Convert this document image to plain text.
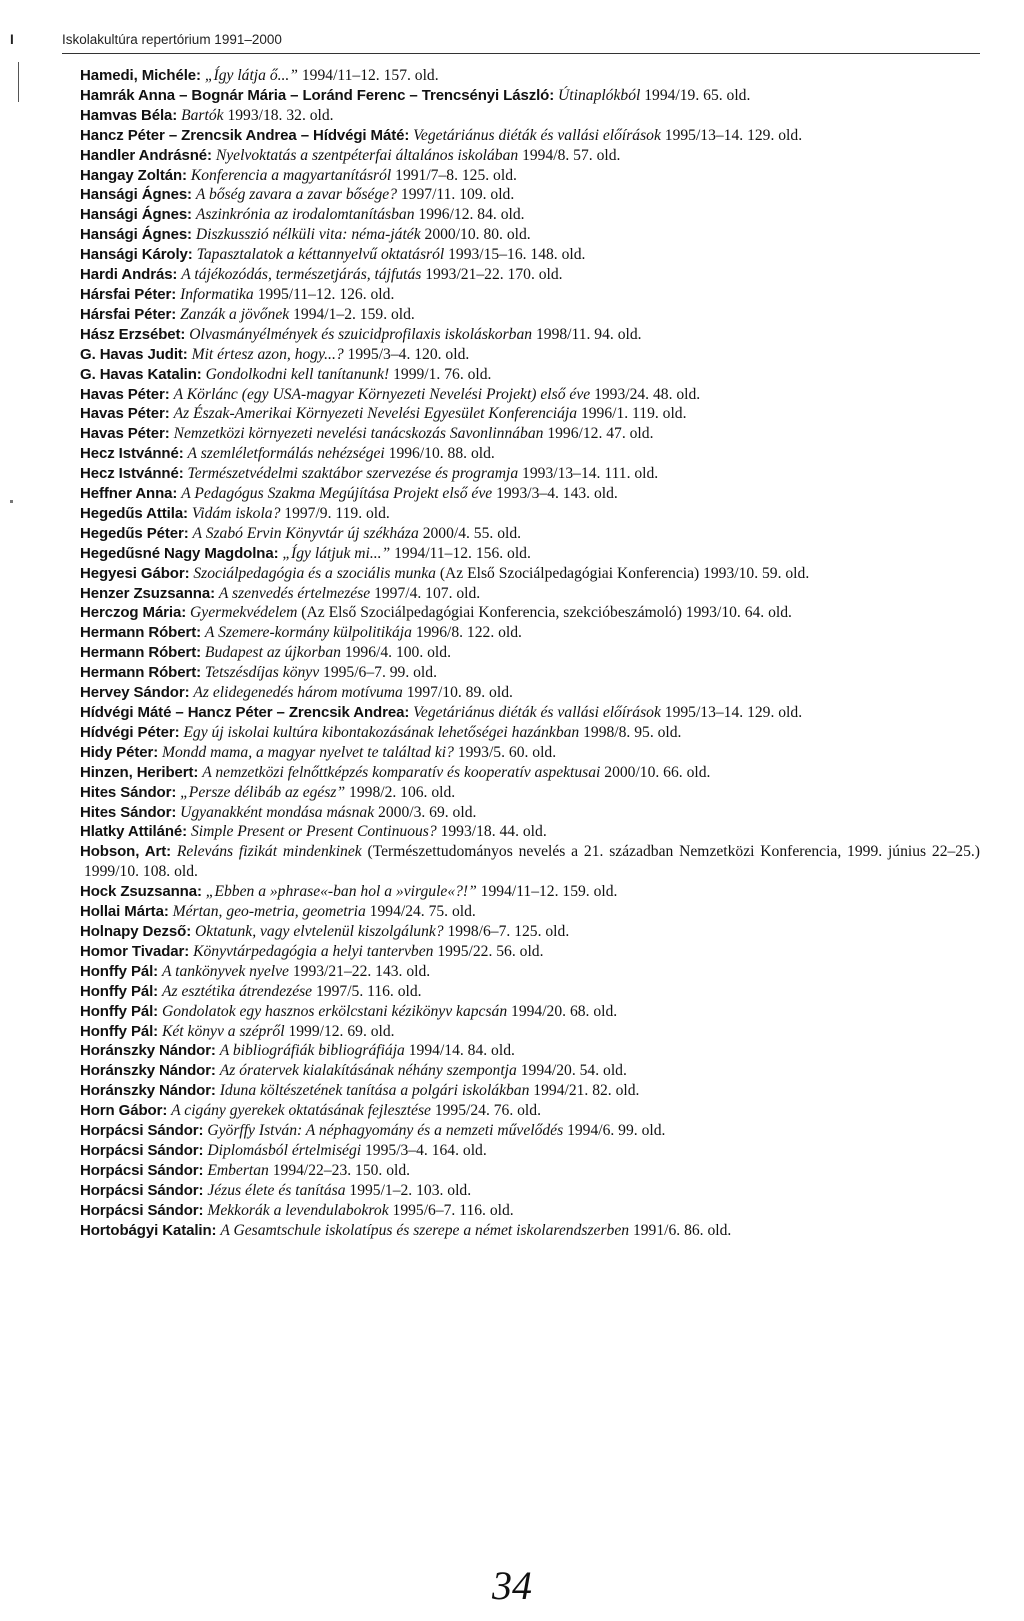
I	Iskolakultúra repertórium 1991–2000
Hamedi, Michéle: „Így látja ő...” 1994/11–12. 157. old.
Hamrák Anna – Bognár Mária – Loránd Ferenc – Trencsényi László: Útinaplókból 1994/19. 65. old.
Hamvas Béla: Bartók 1993/18. 32. old.
Hancz Péter – Zrencsik Andrea – Hídvégi Máté: Vegetáriánus diéták és vallási előírások 1995/13–14. 129. old.
Handler Andrásné: Nyelvoktatás a szentpéterfai általános iskolában 1994/8. 57. old.
Hangay Zoltán: Konferencia a magyartanításról 1991/7–8. 125. old.
Hansági Ágnes: A bőség zavara a zavar bősége? 1997/11. 109. old.
Hansági Ágnes: Aszinkrónia az irodalomtanításban 1996/12. 84. old.
Hansági Ágnes: Diszkusszió nélküli vita: néma-játék 2000/10. 80. old.
Hansági Károly: Tapasztalatok a kéttannyelvű oktatásról 1993/15–16. 148. old.
Hardi András: A tájékozódás, természetjárás, tájfutás 1993/21–22. 170. old.
Hársfai Péter: Informatika 1995/11–12. 126. old.
Hársfai Péter: Zanzák a jövőnek 1994/1–2. 159. old.
Hász Erzsébet: Olvasmányélmények és szuicidprofilaxis iskoláskorban 1998/11. 94. old.
G. Havas Judit: Mit értesz azon, hogy...? 1995/3–4. 120. old.
G. Havas Katalin: Gondolkodni kell tanítanunk! 1999/1. 76. old.
Havas Péter: A Körlánc (egy USA-magyar Környezeti Nevelési Projekt) első éve 1993/24. 48. old.
Havas Péter: Az Észak-Amerikai Környezeti Nevelési Egyesület Konferenciája 1996/1. 119. old.
Havas Péter: Nemzetközi környezeti nevelési tanácskozás Savonlinnában 1996/12. 47. old.
Hecz Istvánné: A szemléletformálás nehézségei 1996/10. 88. old.
Hecz Istvánné: Természetvédelmi szaktábor szervezése és programja 1993/13–14. 111. old.
Heffner Anna: A Pedagógus Szakma Megújítása Projekt első éve 1993/3–4. 143. old.
Hegedűs Attila: Vidám iskola? 1997/9. 119. old.
Hegedűs Péter: A Szabó Ervin Könyvtár új székháza 2000/4. 55. old.
Hegedűsné Nagy Magdolna: „Így látjuk mi...” 1994/11–12. 156. old.
Hegyesi Gábor: Szociálpedagógia és a szociális munka (Az Első Szociálpedagógiai Konferencia) 1993/10. 59. old.
Henzer Zsuzsanna: A szenvedés értelmezése 1997/4. 107. old.
Herczog Mária: Gyermekvédelem (Az Első Szociálpedagógiai Konferencia, szekcióbeszámoló) 1993/10. 64. old.
Hermann Róbert: A Szemere-kormány külpolitikája 1996/8. 122. old.
Hermann Róbert: Budapest az újkorban 1996/4. 100. old.
Hermann Róbert: Tetszésdíjas könyv 1995/6–7. 99. old.
Hervey Sándor: Az elidegenedés három motívuma 1997/10. 89. old.
Hídvégi Máté – Hancz Péter – Zrencsik Andrea: Vegetáriánus diéták és vallási előírások 1995/13–14. 129. old.
Hídvégi Péter: Egy új iskolai kultúra kibontakozásának lehetőségei hazánkban 1998/8. 95. old.
Hidy Péter: Mondd mama, a magyar nyelvet te találtad ki? 1993/5. 60. old.
Hinzen, Heribert: A nemzetközi felnőttképzés komparatív és kooperatív aspektusai 2000/10. 66. old.
Hites Sándor: „Persze délibáb az egész” 1998/2. 106. old.
Hites Sándor: Ugyanakként mondása másnak 2000/3. 69. old.
Hlatky Attiláné: Simple Present or Present Continuous? 1993/18. 44. old.
Hobson, Art: Releváns fizikát mindenkinek (Természettudományos nevelés a 21. században Nemzetközi Konferencia, 1999. június 22–25.) 1999/10. 108. old.
Hock Zsuzsanna: „Ebben a »phrase«-ban hol a »virgule«?!” 1994/11–12. 159. old.
Hollai Márta: Mértan, geo-metria, geometria 1994/24. 75. old.
Holnapy Dezső: Oktatunk, vagy elvtelenül kiszolgálunk? 1998/6–7. 125. old.
Homor Tivadar: Könyvtárpedagógia a helyi tantervben 1995/22. 56. old.
Honffy Pál: A tankönyvek nyelve 1993/21–22. 143. old.
Honffy Pál: Az esztétika átrendezése 1997/5. 116. old.
Honffy Pál: Gondolatok egy hasznos erkölcstani kézikönyv kapcsán 1994/20. 68. old.
Honffy Pál: Két könyv a szépről 1999/12. 69. old.
Horánszky Nándor: A bibliográfiák bibliográfiája 1994/14. 84. old.
Horánszky Nándor: Az óratervek kialakításának néhány szempontja 1994/20. 54. old.
Horánszky Nándor: Iduna költészetének tanítása a polgári iskolákban 1994/21. 82. old.
Horn Gábor: A cigány gyerekek oktatásának fejlesztése 1995/24. 76. old.
Horpácsi Sándor: Györffy István: A néphagyomány és a nemzeti művelődés 1994/6. 99. old.
Horpácsi Sándor: Diplomásból értelmiségi 1995/3–4. 164. old.
Horpácsi Sándor: Embertan 1994/22–23. 150. old.
Horpácsi Sándor: Jézus élete és tanítása 1995/1–2. 103. old.
Horpácsi Sándor: Mekkorák a levendulabokrok 1995/6–7. 116. old.
Hortobágyi Katalin: A Gesamtschule iskolatípus és szerepe a német iskolarendszerben 1991/6. 86. old.
34
